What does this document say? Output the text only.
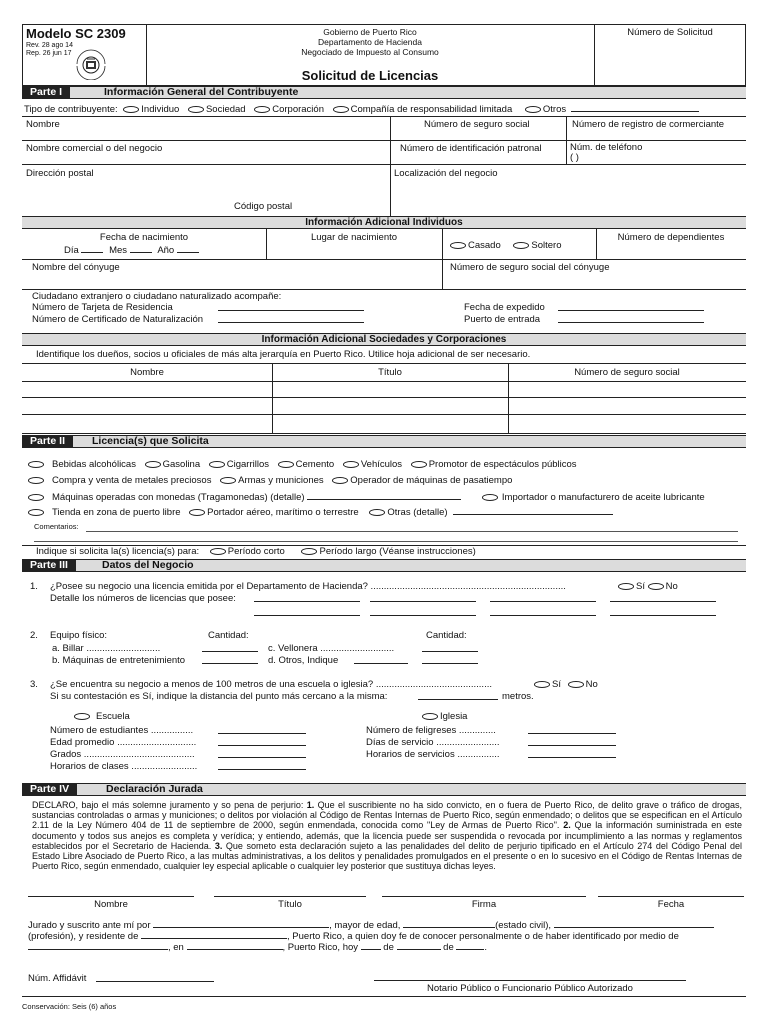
Modelo SC 2309
Rev. 28 ago 14
Rep. 26 jun 17
Gobierno de Puerto Rico
Departamento de Hacienda
Negociado de Impuesto al Consumo
Solicitud de Licencias
Número de Solicitud
Parte I	Información General del Contribuyente
Tipo de contribuyente: Individuo	Sociedad	Corporación	Compañía de responsabilidad limitada	Otros
Nombre	Número de seguro social	Número de registro de cormerciante
Nombre comercial o del negocio	Número de identificación patronal	Núm. de teléfono
( )
Dirección postal	Localización del negocio
Código postal
Información Adicional Individuos
Fecha de nacimiento
Día	Mes	Año
Lugar de nacimiento
Casado	Soltero
Número de dependientes
Nombre del cónyuge	Número de seguro social del cónyuge
Ciudadano extranjero o ciudadano naturalizado acompañe:
Número de Tarjeta de Residencia
Número de Certificado de Naturalización
Fecha de expedido
Puerto de entrada
Información Adicional Sociedades y Corporaciones
Identifique los dueños, socios u oficiales de más alta jerarquía en Puerto Rico. Utilice hoja adicional de ser necesario.
Nombre	Título	Número de seguro social
Parte II	Licencia(s) que Solicita
Bebidas alcohólicas	Gasolina	Cigarrillos	Cemento	Vehículos	Promotor de espectáculos públicos
Compra y venta de metales preciosos	Armas y municiones	Operador de máquinas de pasatiempo
Máquinas operadas con monedas (Tragamonedas) (detalle)	Importador o manufacturero de aceite lubricante
Tienda en zona de puerto libre	Portador aéreo, marítimo o terrestre	Otras (detalle)
Comentarios:
Indique si solicita la(s) licencia(s) para:	Período corto	Período largo (Véanse instrucciones)
Parte III	Datos del Negocio
1. ¿Posee su negocio una licencia emitida por el Departamento de Hacienda? ..........................................................................	Sí No
Detalle los números de licencias que posee:
2. Equipo físico:	Cantidad:	Cantidad:
a. Billar ............................
b. Máquinas de entretenimiento
c. Vellonera ............................
d. Otros, Indique
3. ¿Se encuentra su negocio a menos de 100 metros de una escuela o iglesia? ............................................	Sí	No
Si su contestación es Sí, indique la distancia del punto más cercano a la misma:	metros.
Escuela	Iglesia
Número de estudiantes ................
Edad promedio ..............................
Grados ..........................................
Horarios de clases .........................
Número de feligreses ..............
Días de servicio ........................
Horarios de servicios ................
Parte IV	Declaración Jurada
DECLARO, bajo el más solemne juramento y so pena de perjurio: 1. Que el suscribiente no ha sido convicto, en o fuera de Puerto Rico, de delito grave o tráfico de drogas, sustancias controladas o armas y municiones; o delitos por violación al Código de Rentas Internas de Puerto Rico, según enmendado; o delitos que se especifican en el Artículo 2.11 de la Ley Número 404 de 11 de septiembre de 2000, según enmendada, conocida como "Ley de Armas de Puerto Rico". 2. Que la información suministrada en este documento y todos sus anejos es completa y verídica; y entiendo, además, que la licencia puede ser suspendida o revocada por incumplimiento a las normas y reglamentos establecidos por el Secretario de Hacienda. 3. Que someto esta declaración sujeto a las penalidades del delito de perjurio tipificado en el Artículo 274 del Código Penal del Estado Libre Asociado de Puerto Rico, a las multas administrativas, a los delitos y penalidades promulgados en el presente o en lo sucesivo en el Código de Rentas Internas de Puerto Rico, según enmendado, cualquier ley especial aplicable o cualquier ley posterior que sustituya dichas leyes.
Nombre	Título	Firma	Fecha
Jurado y suscrito ante mí por	, mayor de edad,	(estado civil),
(profesión), y residente de	, Puerto Rico, a quien doy fe de conocer personalmente o de haber identificado por medio de
, en	, Puerto Rico, hoy	de	de	.
Núm. Affidávit
Notario Público o Funcionario Público Autorizado
Conservación: Seis (6) años
